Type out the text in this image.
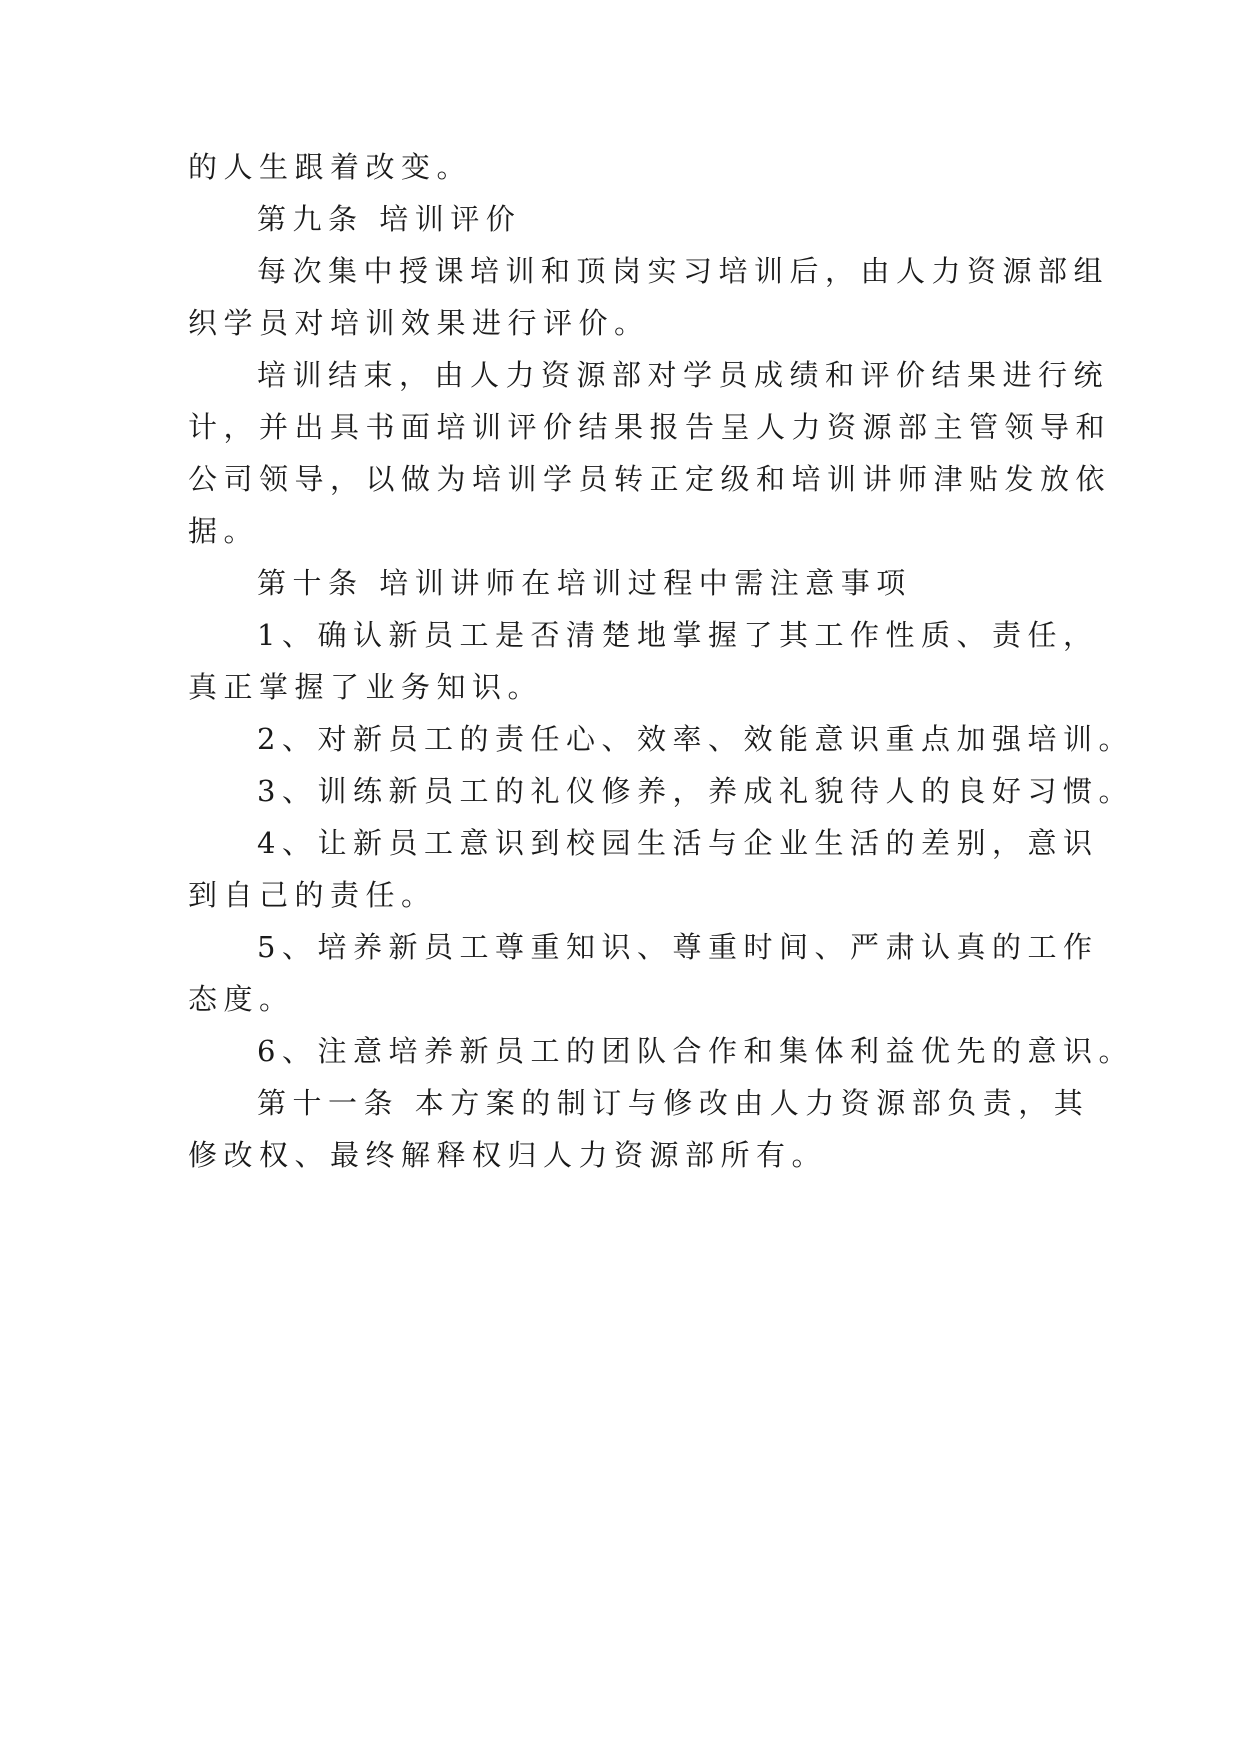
的人生跟着改变。
第九条 培训评价
每次集中授课培训和顶岗实习培训后，由人力资源部组
织学员对培训效果进行评价。
培训结束，由人力资源部对学员成绩和评价结果进行统
计，并出具书面培训评价结果报告呈人力资源部主管领导和
公司领导，以做为培训学员转正定级和培训讲师津贴发放依
据。
第十条 培训讲师在培训过程中需注意事项
1、确认新员工是否清楚地掌握了其工作性质、责任，
真正掌握了业务知识。
2、对新员工的责任心、效率、效能意识重点加强培训。
3、训练新员工的礼仪修养，养成礼貌待人的良好习惯。
4、让新员工意识到校园生活与企业生活的差别，意识
到自己的责任。
5、培养新员工尊重知识、尊重时间、严肃认真的工作
态度。
6、注意培养新员工的团队合作和集体利益优先的意识。
第十一条 本方案的制订与修改由人力资源部负责，其
修改权、最终解释权归人力资源部所有。
